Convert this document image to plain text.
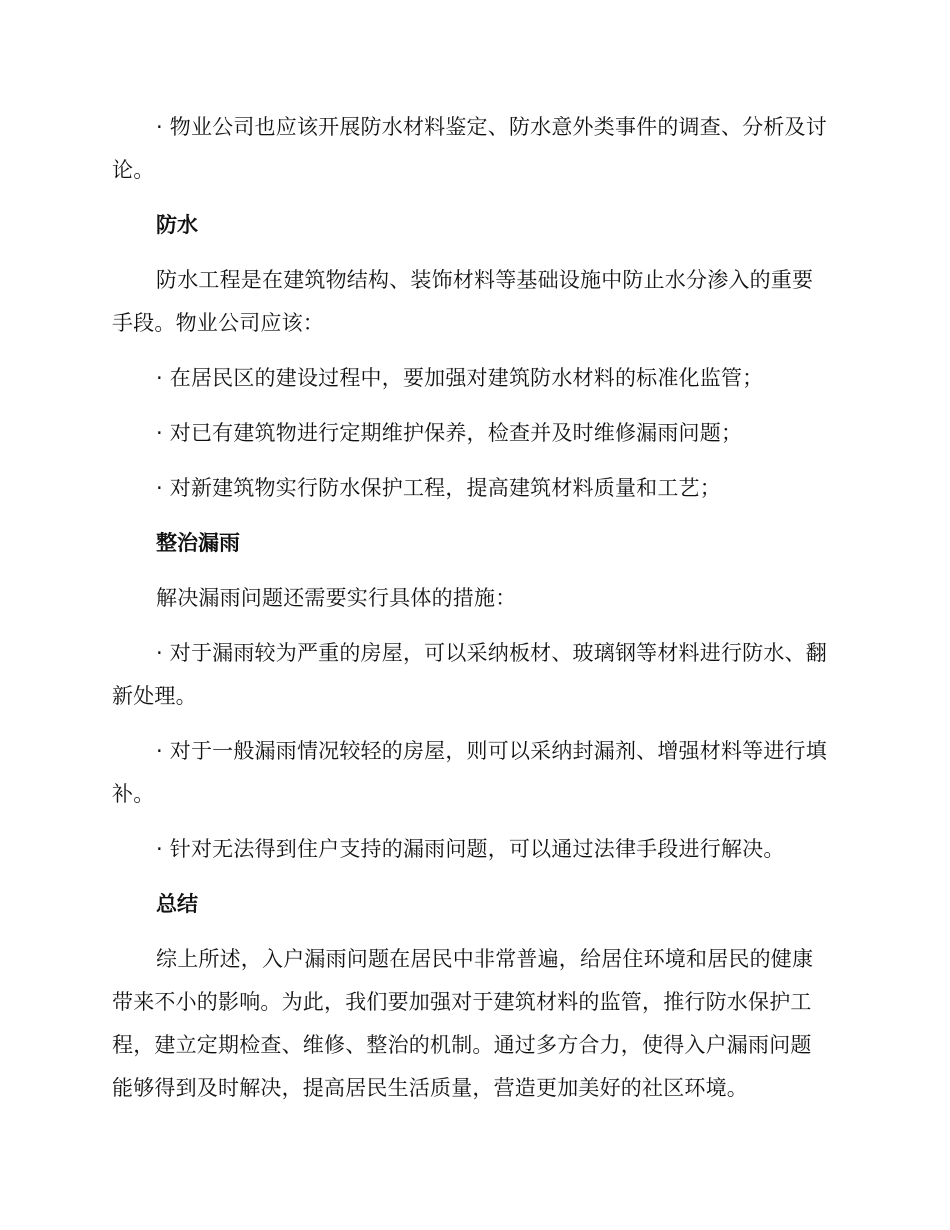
· 物业公司也应该开展防水材料鉴定、防水意外类事件的调查、分析及讨论。

防水

防水工程是在建筑物结构、装饰材料等基础设施中防止水分渗入的重要手段。物业公司应该：

· 在居民区的建设过程中，要加强对建筑防水材料的标准化监管；

· 对已有建筑物进行定期维护保养，检查并及时维修漏雨问题；

· 对新建筑物实行防水保护工程，提高建筑材料质量和工艺；

整治漏雨

解决漏雨问题还需要实行具体的措施：

· 对于漏雨较为严重的房屋，可以采纳板材、玻璃钢等材料进行防水、翻新处理。

· 对于一般漏雨情况较轻的房屋，则可以采纳封漏剂、增强材料等进行填补。

· 针对无法得到住户支持的漏雨问题，可以通过法律手段进行解决。

总结

综上所述，入户漏雨问题在居民中非常普遍，给居住环境和居民的健康带来不小的影响。为此，我们要加强对于建筑材料的监管，推行防水保护工程，建立定期检查、维修、整治的机制。通过多方合力，使得入户漏雨问题能够得到及时解决，提高居民生活质量，营造更加美好的社区环境。
